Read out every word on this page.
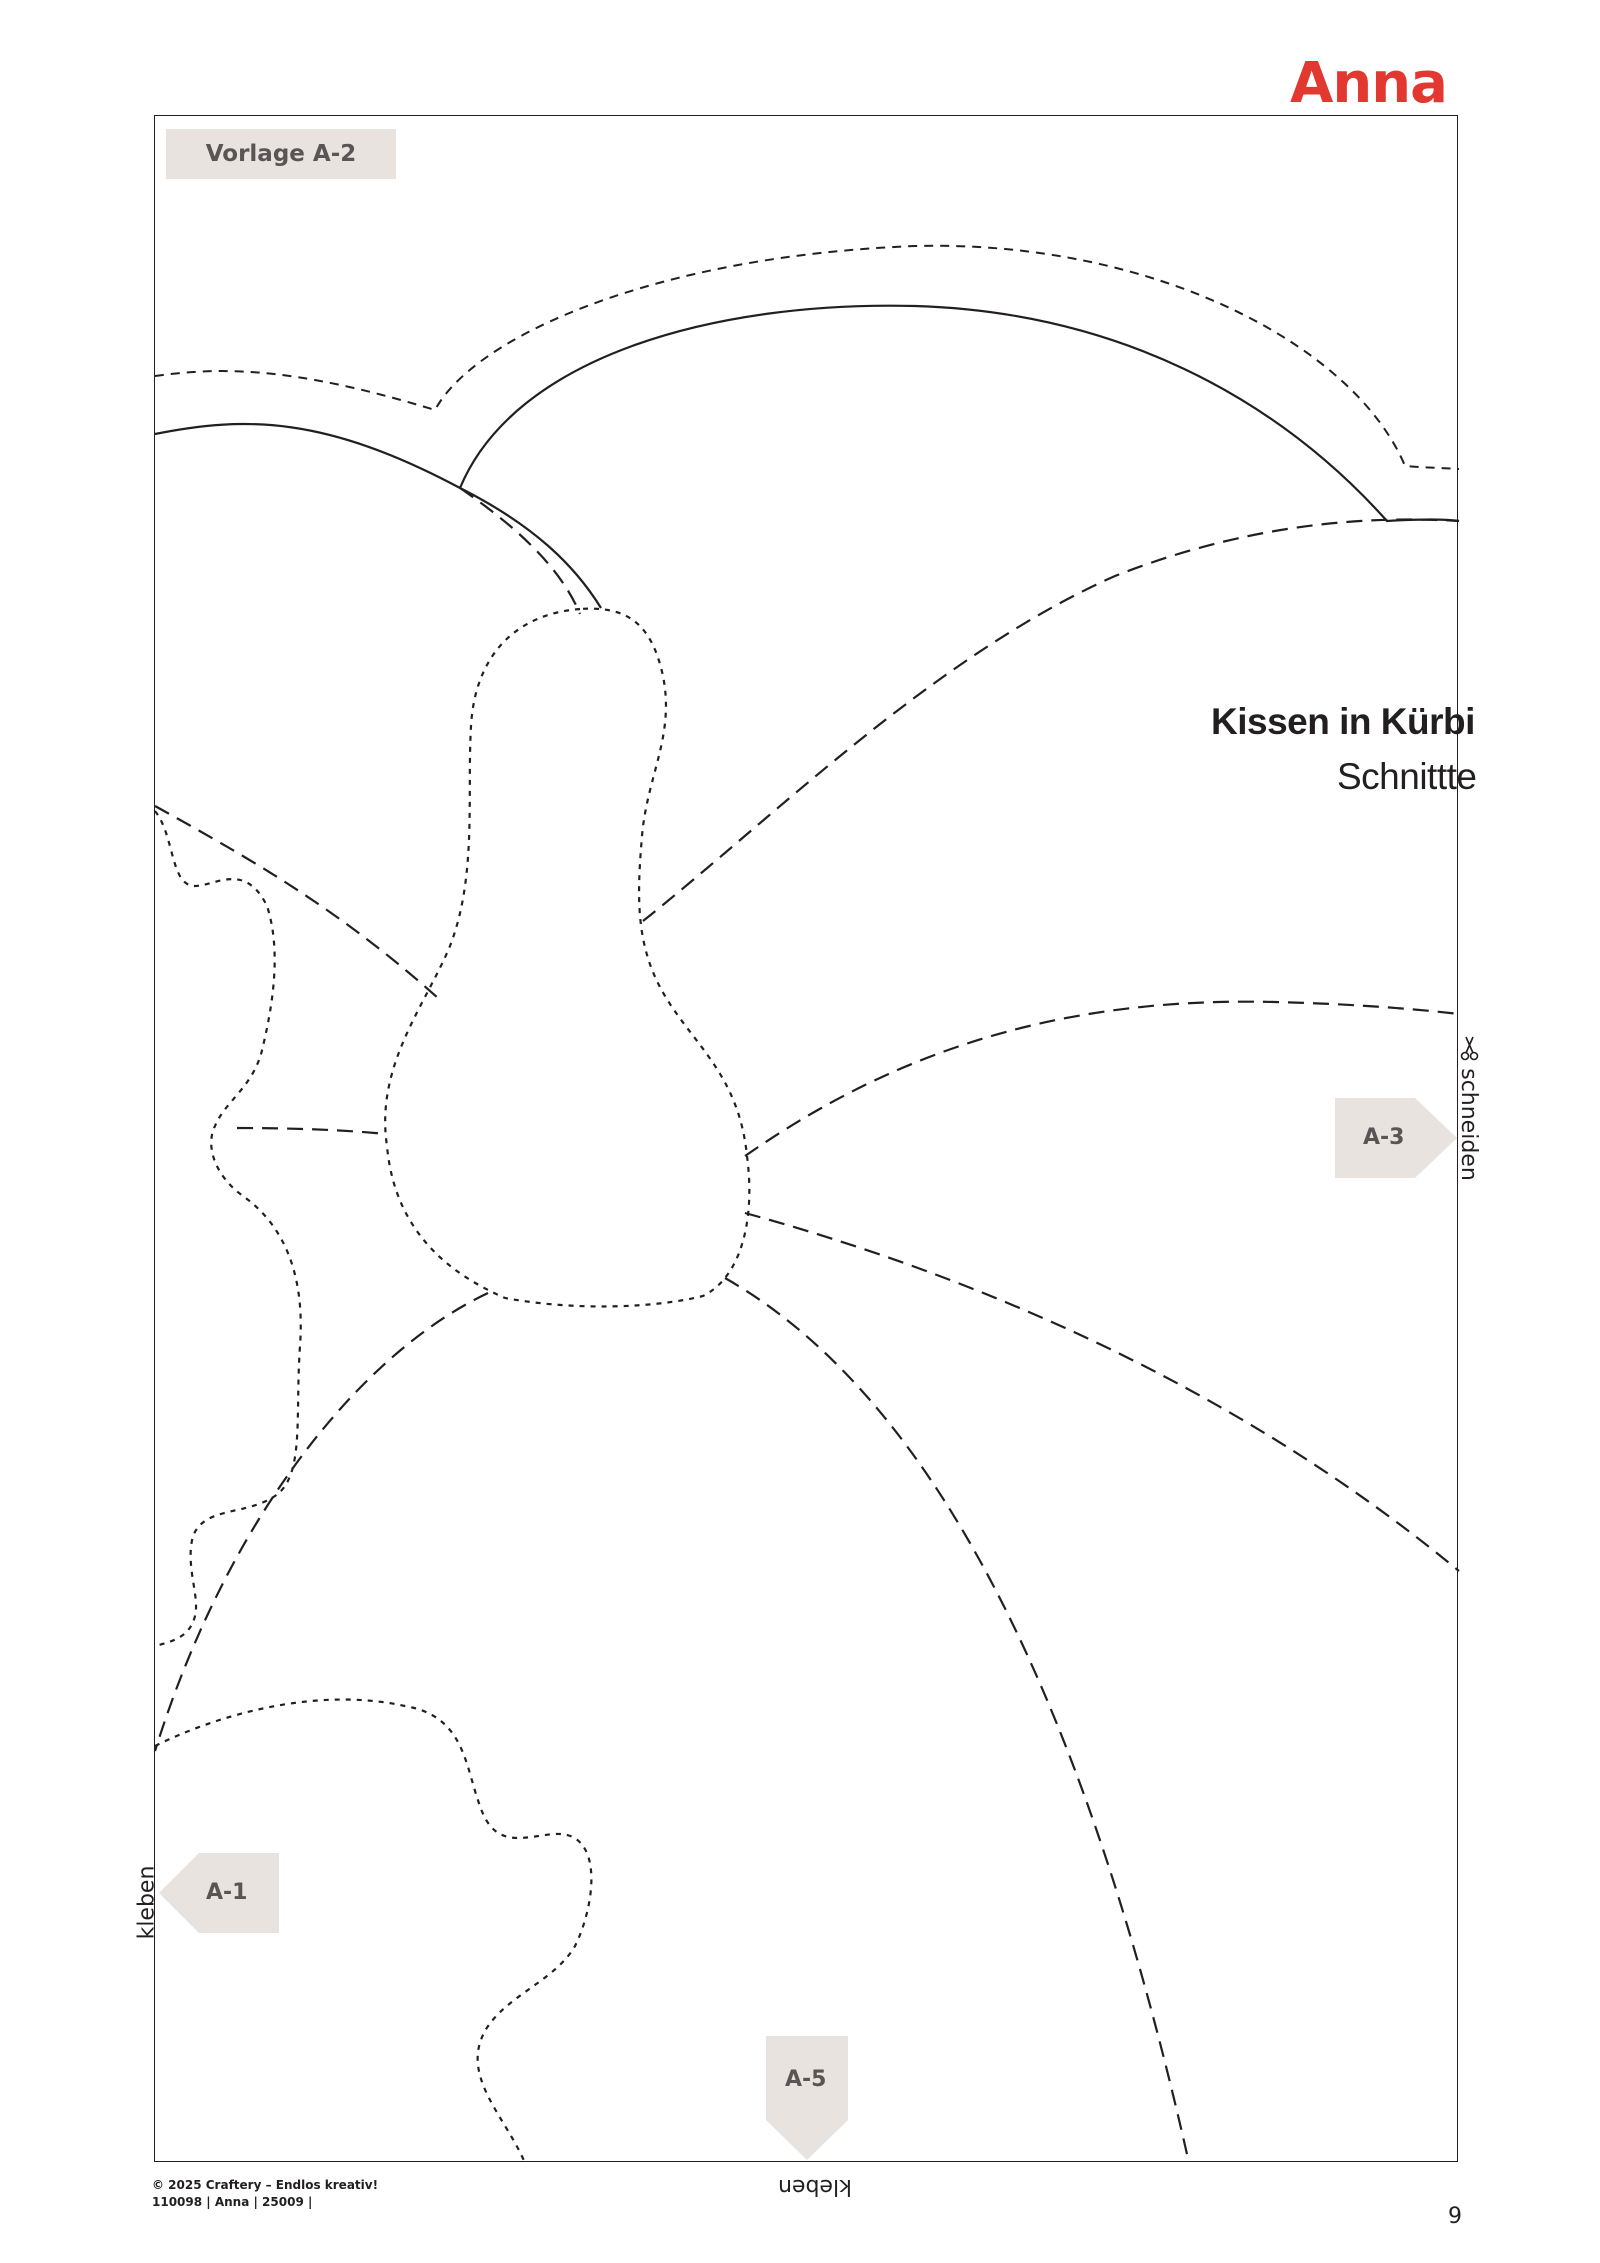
Anna
Vorlage A-2
Kissen in Kürbi
Schnittte
A-3
A-1
A-5
schneiden
kleben
kleben
© 2025 Craftery – Endlos kreativ!
110098 | Anna | 25009 |
9
